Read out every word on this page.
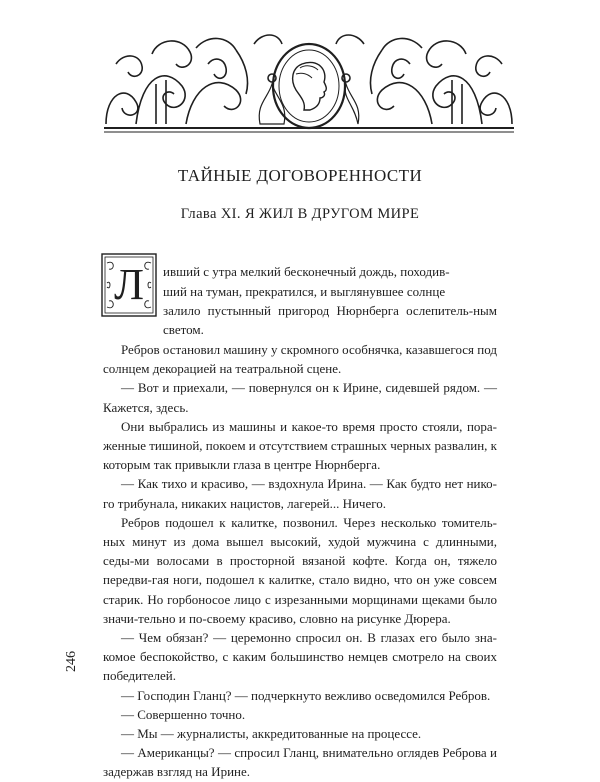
ТАЙНЫЕ ДОГОВОРЕННОСТИ
Глава XI. Я ЖИЛ В ДРУГОМ МИРЕ
Л	ивший с утра мелкий бесконечный дождь, походив-
ший на туман, прекратился, и выглянувшее солнце
залило пустынный пригород Нюрнберга ослепитель-ным светом.

Ребров остановил машину у скромного особнячка, казавшегося под солнцем декорацией на театральной сцене.

— Вот и приехали, — повернулся он к Ирине, сидевшей рядом. — Кажется, здесь.

Они выбрались из машины и какое-то время просто стояли, пора-женные тишиной, покоем и отсутствием страшных черных развалин, к которым так привыкли глаза в центре Нюрнберга.

— Как тихо и красиво, — вздохнула Ирина. — Как будто нет нико-го трибунала, никаких нацистов, лагерей... Ничего.

Ребров подошел к калитке, позвонил. Через несколько томитель-ных минут из дома вышел высокий, худой мужчина с длинными, седы-ми волосами в просторной вязаной кофте. Когда он, тяжело передви-гая ноги, подошел к калитке, стало видно, что он уже совсем старик. Но горбоносое лицо с изрезанными морщинами щеками было значи-тельно и по-своему красиво, словно на рисунке Дюрера.

— Чем обязан? — церемонно спросил он. В глазах его было зна-комое беспокойство, с каким большинство немцев смотрело на своих победителей.

— Господин Гланц? — подчеркнуто вежливо осведомился Ребров.

— Совершенно точно.

— Мы — журналисты, аккредитованные на процессе.

— Американцы? — спросил Гланц, внимательно оглядев Реброва и задержав взгляд на Ирине.

246
